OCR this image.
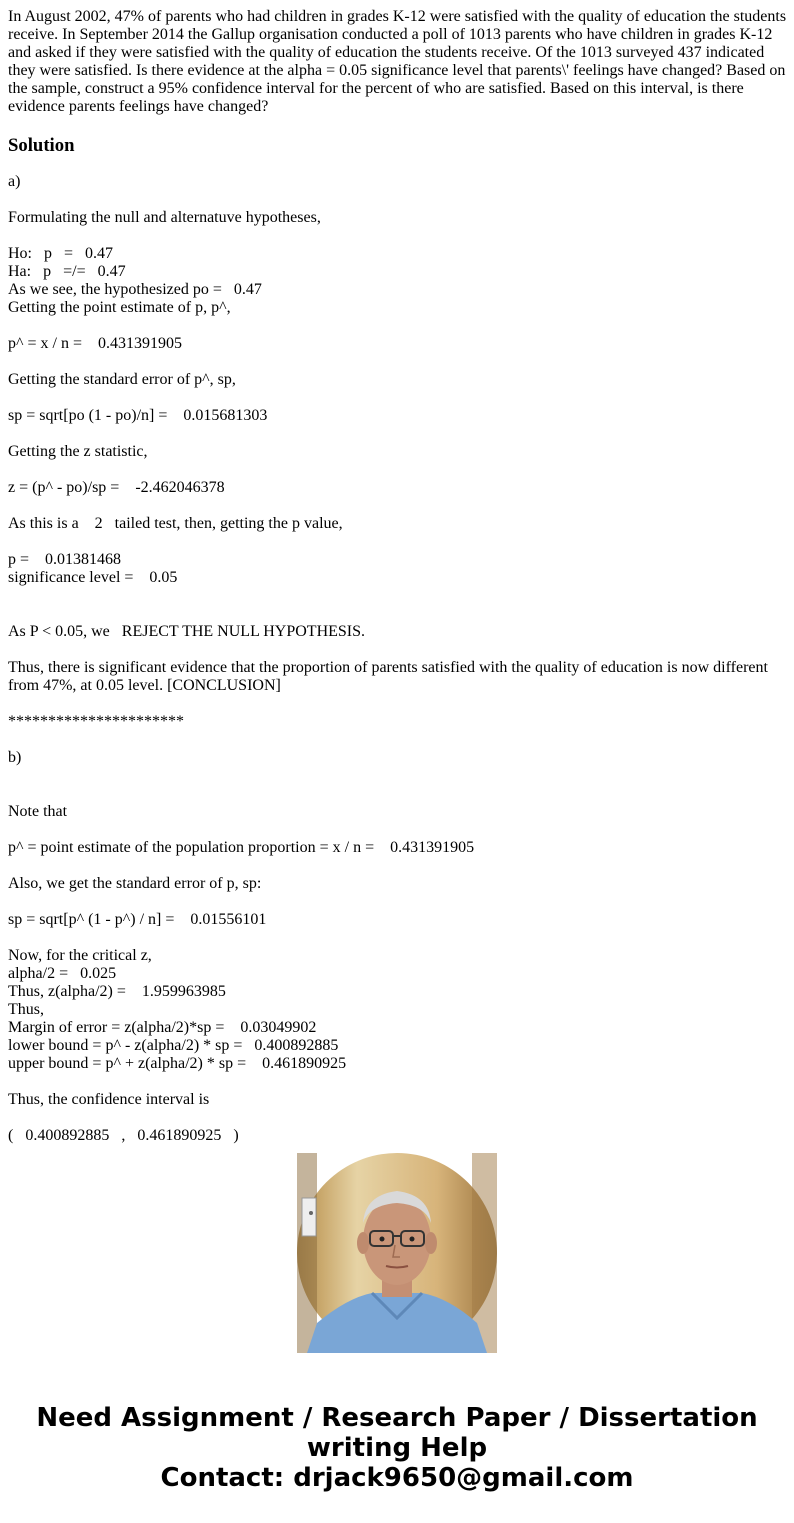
In August 2002, 47% of parents who had children in grades K-12 were satisfied with the quality of education the students receive. In September 2014 the Gallup organisation conducted a poll of 1013 parents who have children in grades K-12 and asked if they were satisfied with the quality of education the students receive. Of the 1013 surveyed 437 indicated they were satisfied. Is there evidence at the alpha = 0.05 significance level that parents\' feelings have changed? Based on the sample, construct a 95% confidence interval for the percent of who are satisfied. Based on this interval, is there evidence parents feelings have changed?
Solution
a)
Formulating the null and alternatuve hypotheses,
Ho:   p   =   0.47
Ha:   p   =/=   0.47
As we see, the hypothesized po =   0.47
Getting the point estimate of p, p^,
p^ = x / n =    0.431391905
Getting the standard error of p^, sp,
sp = sqrt[po (1 - po)/n] =    0.015681303
Getting the z statistic,
z = (p^ - po)/sp =    -2.462046378
As this is a    2   tailed test, then, getting the p value,
p =    0.01381468
significance level =    0.05
As P < 0.05, we   REJECT THE NULL HYPOTHESIS.
Thus, there is significant evidence that the proportion of parents satisfied with the quality of education is now different from 47%, at 0.05 level. [CONCLUSION]
**********************
b)
Note that
p^ = point estimate of the population proportion = x / n =    0.431391905
Also, we get the standard error of p, sp:
sp = sqrt[p^ (1 - p^) / n] =    0.01556101
Now, for the critical z,
alpha/2 =   0.025
Thus, z(alpha/2) =    1.959963985
Thus,
Margin of error = z(alpha/2)*sp =    0.03049902
lower bound = p^ - z(alpha/2) * sp =   0.400892885
upper bound = p^ + z(alpha/2) * sp =    0.461890925
Thus, the confidence interval is
(   0.400892885   ,   0.461890925   )
Need Assignment / Research Paper / Dissertation
writing Help
Contact: drjack9650@gmail.com
